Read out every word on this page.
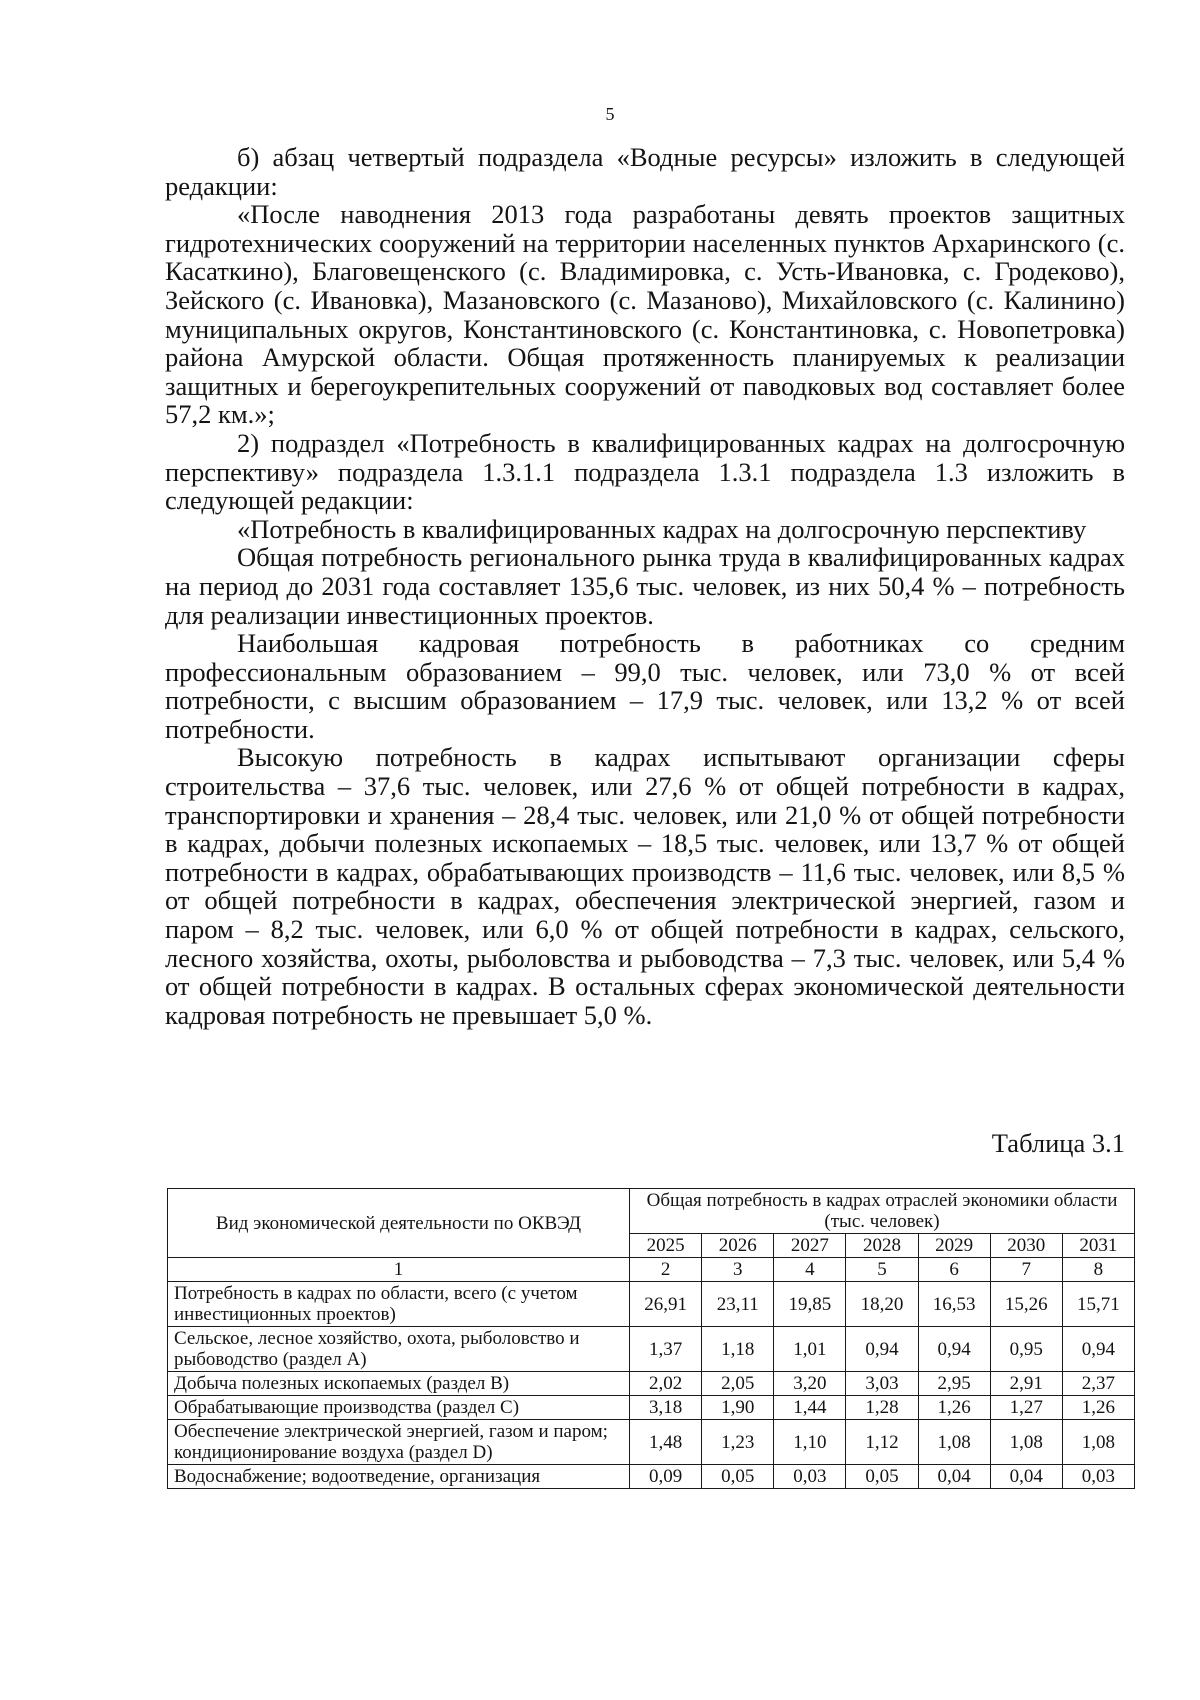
5

б) абзац четвертый подраздела «Водные ресурсы» изложить в следующей редакции:

«После наводнения 2013 года разработаны девять проектов защитных гидротехнических сооружений на территории населенных пунктов Архаринского (с. Касаткино), Благовещенского (с. Владимировка, с. Усть-Ивановка, с. Гродеково), Зейского (с. Ивановка), Мазановского (с. Мазаново), Михайловского (с. Калинино) муниципальных округов, Константиновского (с. Константиновка, с. Новопетровка) района Амурской области. Общая протяженность планируемых к реализации защитных и берегоукрепительных сооружений от паводковых вод составляет более 57,2 км.»;

2) подраздел «Потребность в квалифицированных кадрах на долгосрочную перспективу» подраздела 1.3.1.1 подраздела 1.3.1 подраздела 1.3 изложить в следующей редакции:

«Потребность в квалифицированных кадрах на долгосрочную перспективу

Общая потребность регионального рынка труда в квалифицированных кадрах на период до 2031 года составляет 135,6 тыс. человек, из них 50,4 % – потребность для реализации инвестиционных проектов.

Наибольшая кадровая потребность в работниках со средним профессиональным образованием – 99,0 тыс. человек, или 73,0 % от всей потребности, с высшим образованием – 17,9 тыс. человек, или 13,2 % от всей потребности.

Высокую потребность в кадрах испытывают организации сферы строительства – 37,6 тыс. человек, или 27,6 % от общей потребности в кадрах, транспортировки и хранения – 28,4 тыс. человек, или 21,0 % от общей потребности в кадрах, добычи полезных ископаемых – 18,5 тыс. человек, или 13,7 % от общей потребности в кадрах, обрабатывающих производств – 11,6 тыс. человек, или 8,5 % от общей потребности в кадрах, обеспечения электрической энергией, газом и паром – 8,2 тыс. человек, или 6,0 % от общей потребности в кадрах, сельского, лесного хозяйства, охоты, рыболовства и рыбоводства – 7,3 тыс. человек, или 5,4 % от общей потребности в кадрах. В остальных сферах экономической деятельности кадровая потребность не превышает 5,0 %.

Таблица 3.1
Вид экономической деятельности по ОКВЭД	Общая потребность в кадрах отраслей экономики области (тыс. человек)						
	2025	2026	2027	2028	2029	2030	2031
1	2	3	4	5	6	7	8
Потребность в кадрах по области, всего (с учетом инвестиционных проектов)	26,91	23,11	19,85	18,20	16,53	15,26	15,71
Сельское, лесное хозяйство, охота, рыболовство и рыбоводство (раздел А)	1,37	1,18	1,01	0,94	0,94	0,95	0,94
Добыча полезных ископаемых (раздел В)	2,02	2,05	3,20	3,03	2,95	2,91	2,37
Обрабатывающие производства (раздел С)	3,18	1,90	1,44	1,28	1,26	1,27	1,26
Обеспечение электрической энергией, газом и паром; кондиционирование воздуха (раздел D)	1,48	1,23	1,10	1,12	1,08	1,08	1,08
Водоснабжение; водоотведение, организация	0,09	0,05	0,03	0,05	0,04	0,04	0,03
